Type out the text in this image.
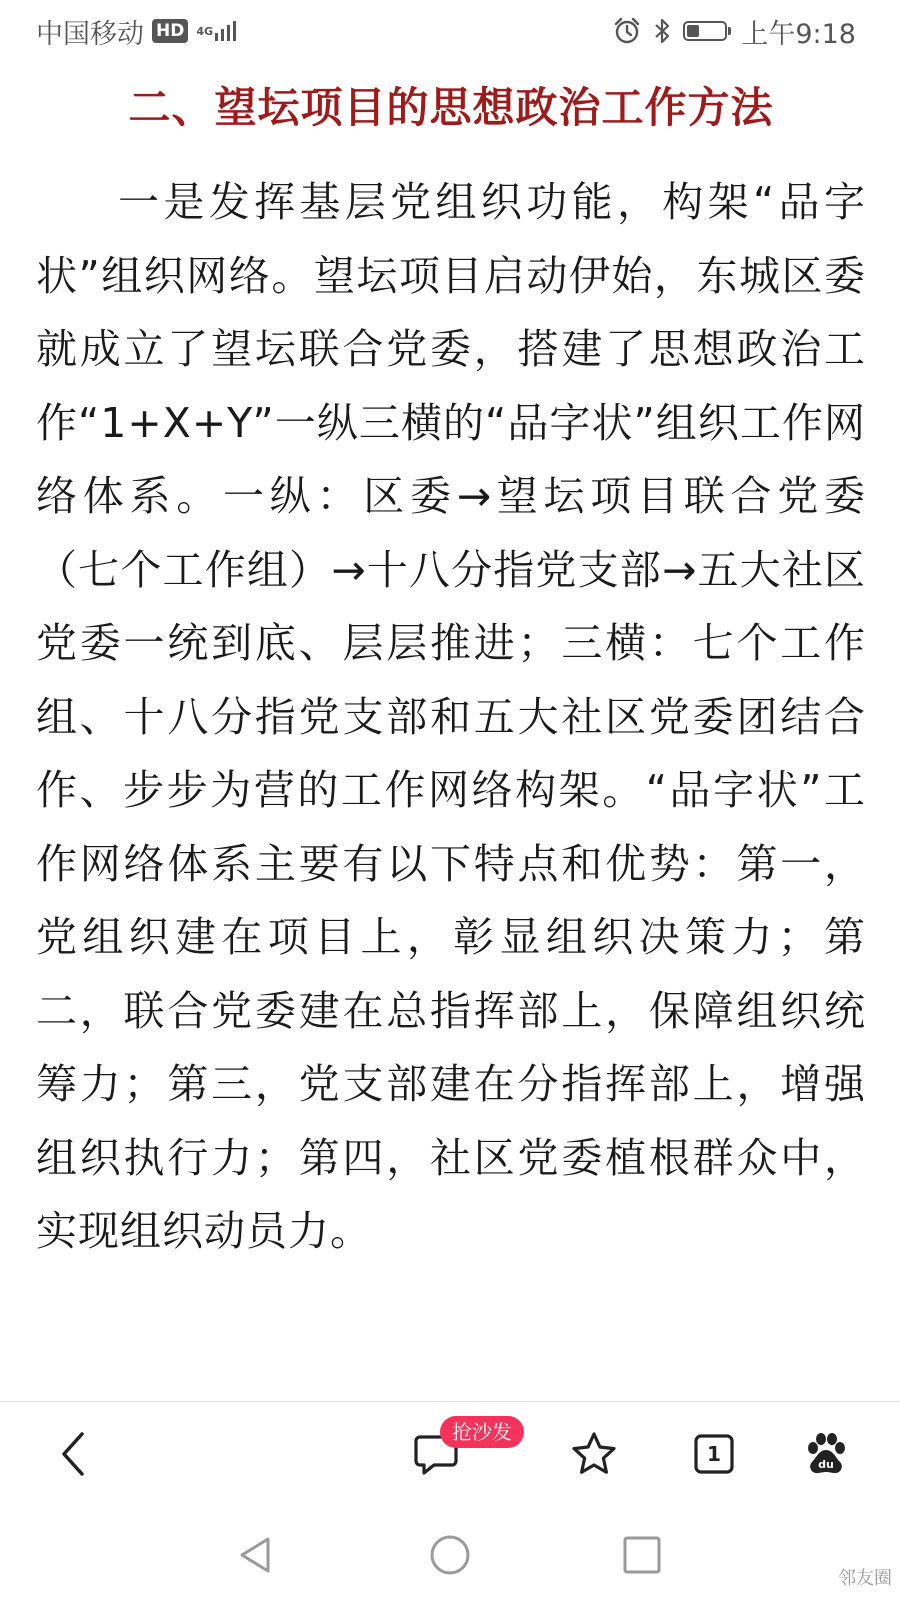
中国移动 HD	4G	上午9:18
二、望坛项目的思想政治工作方法

一是发挥基层党组织功能，构架“品字状”组织网络。望坛项目启动伊始，东城区委就成立了望坛联合党委，搭建了思想政治工作“1+X+Y”一纵三横的“品字状”组织工作网络体系。一纵：区委→望坛项目联合党委（七个工作组）→十八分指党支部→五大社区党委一统到底、层层推进；三横：七个工作组、十八分指党支部和五大社区党委团结合作、步步为营的工作网络构架。“品字状”工作网络体系主要有以下特点和优势：第一，党组织建在项目上，彰显组织决策力；第二，联合党委建在总指挥部上，保障组织统筹力；第三，党支部建在分指挥部上，增强组织执行力；第四，社区党委植根群众中，实现组织动员力。

抢沙发
1	du
邻友圈
